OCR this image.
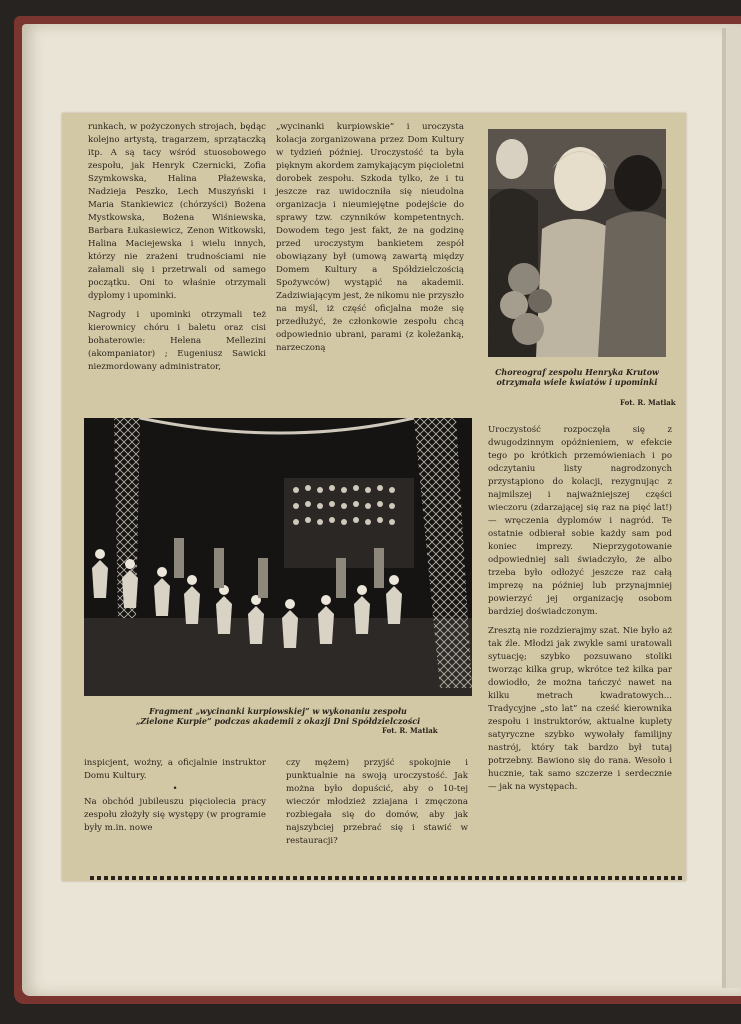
runkach, w pożyczonych strojach, będąc kolejno artystą, tragarzem, sprzątaczką itp. A są tacy wśród stuosobowego zespołu, jak Henryk Czernicki, Zofia Szymkowska, Halina Płażewska, Nadzieja Peszko, Lech Muszyński i Maria Stankiewicz (chórzyści) Bożena Mystkowska, Bożena Wiśniewska, Barbara Łukasiewicz, Zenon Witkowski, Halina Maciejewska i wielu innych, którzy nie zrażeni trudnościami nie załamali się i przetrwali od samego początku. Oni to właśnie otrzymali dyplomy i upominki.

Nagrody i upominki otrzymali też kierownicy chóru i baletu oraz cisi bohaterowie: Helena Mellezini (akompaniator) ; Eugeniusz Sawicki niezmordowany administrator,

„wycinanki kurpiowskie” i uroczysta kolacja zorganizowana przez Dom Kultury w tydzień później. Uroczystość ta była pięknym akordem zamykającym pięcioletni dorobek zespołu. Szkoda tylko, że i tu jeszcze raz uwidoczniła się nieudolna organizacja i nieumiejętne podejście do sprawy tzw. czynników kompetentnych. Dowodem tego jest fakt, że na godzinę przed uroczystym bankietem zespół obowiązany był (umową zawartą między Domem Kultury a Spółdzielczością Spożywców) wystąpić na akademii. Zadziwiającym jest, że nikomu nie przyszło na myśl, iż część oficjalna może się przedłużyć, że członkowie zespołu chcą odpowiednio ubrani, parami (z koleżanką, narzeczoną

Choreograf zespołu Henryka Krutow otrzymała wiele kwiatów i upominki
Fot. R. Matlak
Fragment „wycinanki kurpiowskiej” w wykonaniu zespołu
„Zielone Kurpie” podczas akademii z okazji Dni Spółdzielczości
Fot. R. Matlak

Uroczystość rozpoczęła się z dwugodzinnym opóźnieniem, w efekcie tego po krótkich przemówieniach i po odczytaniu listy nagrodzonych przystąpiono do kolacji, rezygnując z najmilszej i najważniejszej części wieczoru (zdarzającej się raz na pięć lat!) — wręczenia dyplomów i nagród. Te ostatnie odbierał sobie każdy sam pod koniec imprezy. Nieprzygotowanie odpowiedniej sali świadczyło, że albo trzeba było odłożyć jeszcze raz całą imprezę na później lub przynajmniej powierzyć jej organizację osobom bardziej doświadczonym.

Zresztą nie rozdzierajmy szat. Nie było aż tak źle. Młodzi jak zwykle sami uratowali sytuację; szybko pozsuwano stoliki tworząc kilka grup, wkrótce też kilka par dowiodło, że można tańczyć nawet na kilku metrach kwadratowych... Tradycyjne „sto lat” na cześć kierownika zespołu i instruktorów, aktualne kuplety satyryczne szybko wywołały familijny nastrój, który tak bardzo był tutaj potrzebny. Bawiono się do rana. Wesoło i hucznie, tak samo szczerze i serdecznie — jak na występach.

inspicjent, woźny, a oficjalnie instruktor Domu Kultury.

•

Na obchód jubileuszu pięciolecia pracy zespołu złożyły się występy (w programie były m.in. nowe

czy mężem) przyjść spokojnie i punktualnie na swoją uroczystość. Jak można było dopuścić, aby o 10-tej wieczór młodzież zziajana i zmęczona rozbiegała się do domów, aby jak najszybciej przebrać się i stawić w restauracji?
